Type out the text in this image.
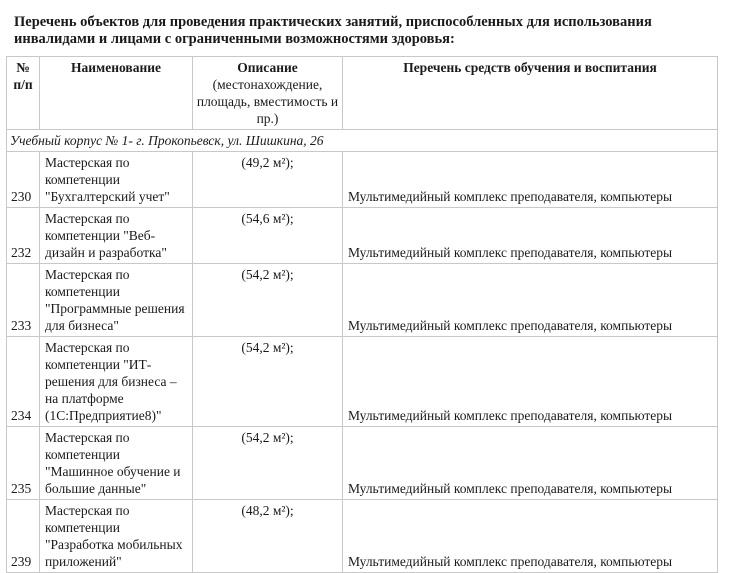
Перечень объектов для проведения практических занятий, приспособленных для использования инвалидами и лицами с ограниченными возможностями здоровья:
№
п/п	Наименование	Описание (местонахождение, площадь, вместимость и пр.)	Перечень средств обучения и воспитания
Учебный корпус № 1- г. Прокопьевск, ул. Шишкина, 26			
230	Мастерская по компетенции "Бухгалтерский учет"	(49,2 м²);	Мультимедийный комплекс преподавателя, компьютеры
232	Мастерская по компетенции "Веб-дизайн и разработка"	(54,6 м²);	Мультимедийный комплекс преподавателя, компьютеры
233	Мастерская по компетенции "Программные решения для бизнеса"	(54,2 м²);	Мультимедийный комплекс преподавателя, компьютеры
234	Мастерская по компетенции "ИТ-решения для бизнеса – на платформе (1С:Предприятие8)"	(54,2 м²);	Мультимедийный комплекс преподавателя, компьютеры
235	Мастерская по компетенции "Машинное обучение и большие данные"	(54,2 м²);	Мультимедийный комплекс преподавателя, компьютеры
239	Мастерская по компетенции "Разработка мобильных приложений"	(48,2 м²);	Мультимедийный комплекс преподавателя, компьютеры
